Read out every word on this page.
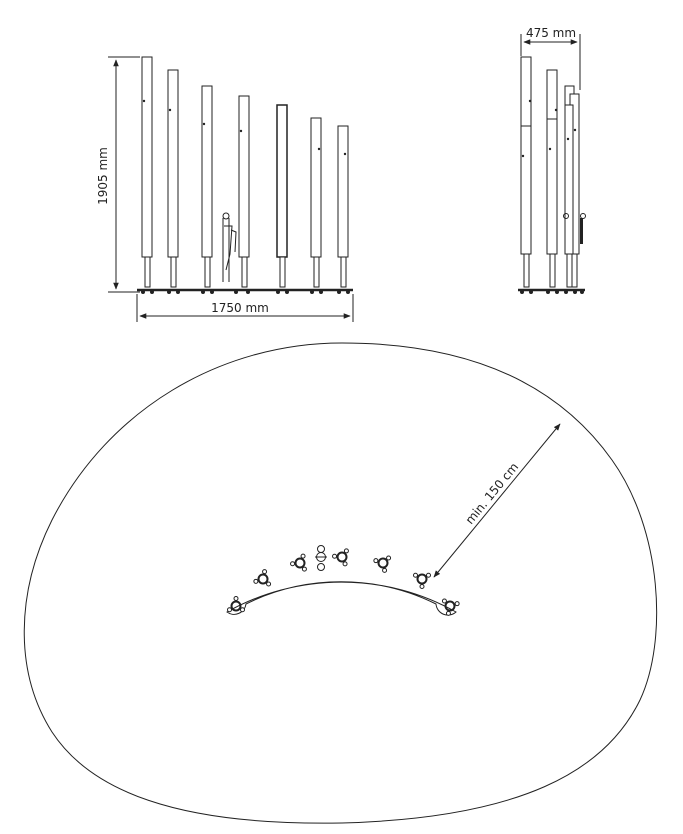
1905 mm
1750 mm
475 mm
min. 150 cm
